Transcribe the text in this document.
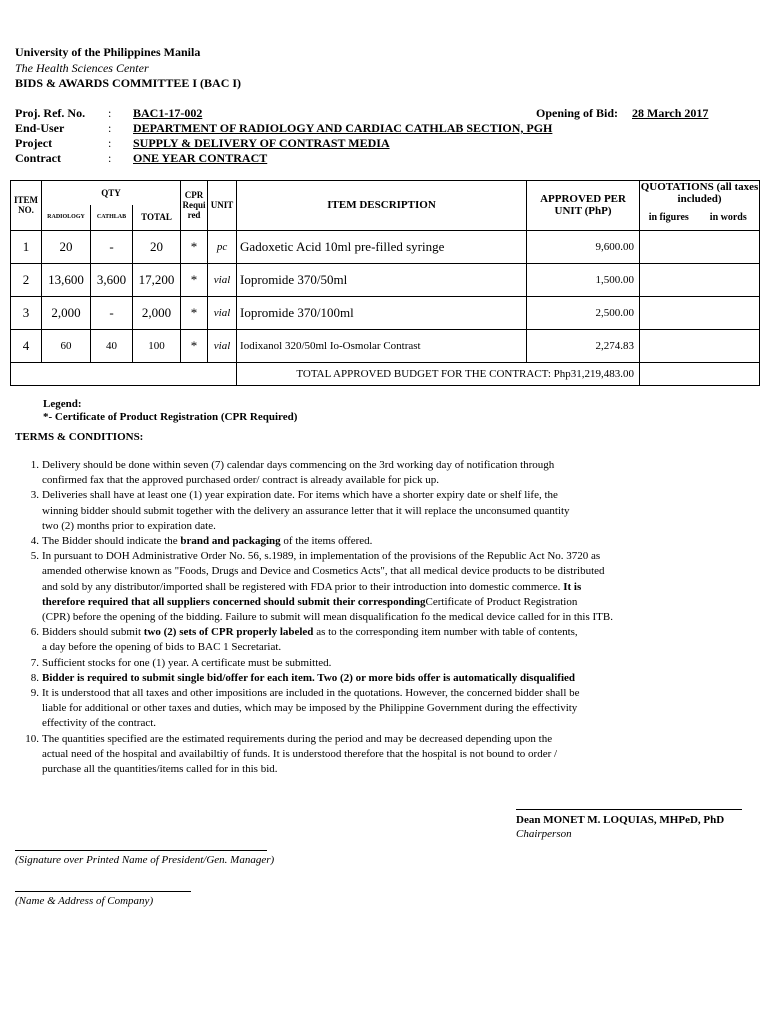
University of the Philippines Manila
The Health Sciences Center
BIDS & AWARDS COMMITTEE I (BAC I)
Proj. Ref. No. : BAC1-17-002
End-User	: DEPARTMENT OF RADIOLOGY AND CARDIAC CATHLAB SECTION, PGH
Project	: SUPPLY & DELIVERY OF CONTRAST MEDIA
Contract	: ONE YEAR CONTRACT
Opening of Bid: 28 March 2017
ITEM NO.	QTY			CPR Requi red	UNIT	ITEM DESCRIPTION	APPROVED PER UNIT (PhP)	QUOTATIONS (all taxes included)	
	RADIOLOGY	CATHLAB	TOTAL					in figures	in words
1	20	-	20	*	pc	Gadoxetic Acid 10ml pre-filled syringe	9,600.00		
2	13,600	3,600	17,200	*	vial	Iopromide 370/50ml	1,500.00		
3	2,000	-	2,000	*	vial	Iopromide 370/100ml	2,500.00		
4	60	40	100	*	vial	Iodixanol 320/50ml Io-Osmolar Contrast	2,274.83		
						TOTAL APPROVED BUDGET FOR THE CONTRACT: Php31,219,483.00			
Legend:
*- Certificate of Product Registration (CPR Required)
TERMS & CONDITIONS:
1. Delivery should be done within seven (7) calendar days commencing on the 3rd working day of notification through
confirmed fax that the approved purchased order/ contract is already available for pick up.
3. Deliveries shall have at least one (1) year expiration date. For items which have a shorter expiry date or shelf life, the
winning bidder should submit together with the delivery an assurance letter that it will replace the unconsumed quantity
two (2) months prior to expiration date.
4. The Bidder should indicate the brand and packaging of the items offered.
5. In pursuant to DOH Administrative Order No. 56, s.1989, in implementation of the provisions of the Republic Act No. 3720 as
amended otherwise known as "Foods, Drugs and Device and Cosmetics Acts", that all medical device products to be distributed
and sold by any distributor/imported shall be registered with FDA prior to their introduction into domestic commerce. It is
therefore required that all suppliers concerned should submit their correspondingCertificate of Product Registration
(CPR) before the opening of the bidding. Failure to submit will mean disqualification fo the medical device called for in this ITB.
6. Bidders should submit two (2) sets of CPR properly labeled as to the corresponding item number with table of contents,
a day before the opening of bids to BAC 1 Secretariat.
7. Sufficient stocks for one (1) year. A certificate must be submitted.
8. Bidder is required to submit single bid/offer for each item. Two (2) or more bids offer is automatically disqualified
9. It is understood that all taxes and other impositions are included in the quotations. However, the concerned bidder shall be
liable for additional or other taxes and duties, which may be imposed by the Philippine Government during the effectivity
effectivity of the contract.
10. The quantities specified are the estimated requirements during the period and may be decreased depending upon the
actual need of the hospital and availabiltiy of funds. It is understood therefore that the hospital is not bound to order /
purchase all the quantities/items called for in this bid.
Dean MONET M. LOQUIAS, MHPeD, PhD
Chairperson
(Signature over Printed Name of President/Gen. Manager)
(Name & Address of Company)
